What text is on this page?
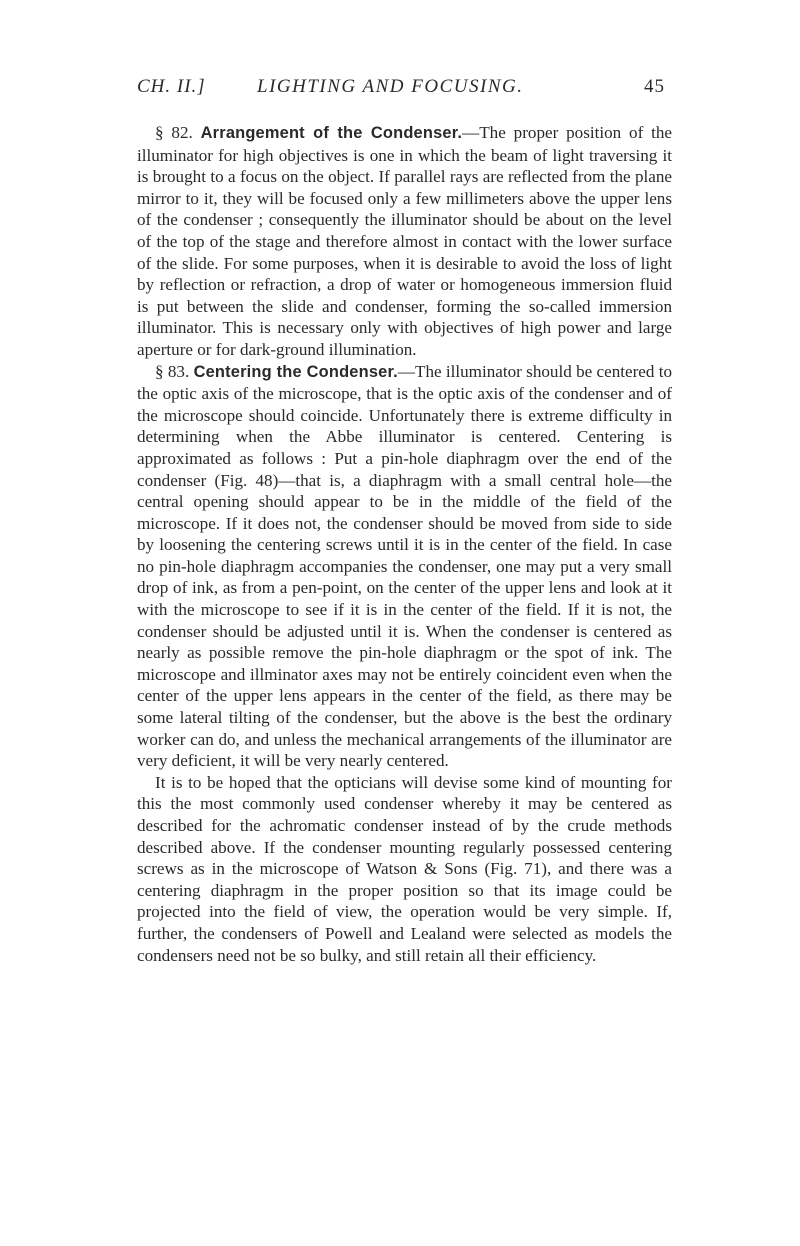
CH. II.]	LIGHTING AND FOCUSING.	45

§ 82. Arrangement of the Condenser.—The proper position of the illuminator for high objectives is one in which the beam of light traversing it is brought to a focus on the object. If parallel rays are reflected from the plane mirror to it, they will be focused only a few millimeters above the upper lens of the condenser ; consequently the illuminator should be about on the level of the top of the stage and therefore almost in contact with the lower surface of the slide. For some purposes, when it is desirable to avoid the loss of light by reflection or refraction, a drop of water or homogeneous immersion fluid is put between the slide and condenser, forming the so-called immersion illuminator. This is necessary only with objectives of high power and large aperture or for dark-ground illumination.

§ 83. Centering the Condenser.—The illuminator should be centered to the optic axis of the microscope, that is the optic axis of the condenser and of the microscope should coincide. Unfortunately there is extreme difficulty in determining when the Abbe illuminator is centered. Centering is approximated as follows : Put a pin-hole diaphragm over the end of the condenser (Fig. 48)—that is, a diaphragm with a small central hole—the central opening should appear to be in the middle of the field of the microscope. If it does not, the condenser should be moved from side to side by loosening the centering screws until it is in the center of the field. In case no pin-hole diaphragm accompanies the condenser, one may put a very small drop of ink, as from a pen-point, on the center of the upper lens and look at it with the microscope to see if it is in the center of the field. If it is not, the condenser should be adjusted until it is. When the condenser is centered as nearly as possible remove the pin-hole diaphragm or the spot of ink. The microscope and illminator axes may not be entirely coincident even when the center of the upper lens appears in the center of the field, as there may be some lateral tilting of the condenser, but the above is the best the ordinary worker can do, and unless the mechanical arrangements of the illuminator are very deficient, it will be very nearly centered.

It is to be hoped that the opticians will devise some kind of mounting for this the most commonly used condenser whereby it may be centered as described for the achromatic condenser instead of by the crude methods described above. If the condenser mounting regularly possessed centering screws as in the microscope of Watson & Sons (Fig. 71), and there was a centering diaphragm in the proper position so that its image could be projected into the field of view, the operation would be very simple. If, further, the condensers of Powell and Lealand were selected as models the condensers need not be so bulky, and still retain all their efficiency.
